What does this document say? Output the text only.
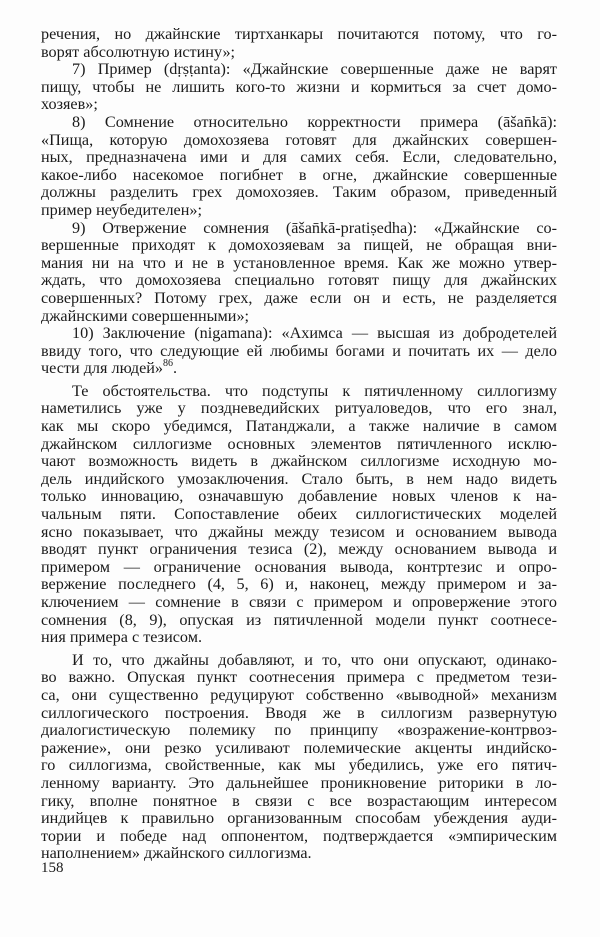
речения, но джайнские тиртханкары почитаются потому, что го-
ворят абсолютную истину»;
7) Пример (dṛṣṭanta): «Джайнские совершенные даже не варят
пищу, чтобы не лишить кого-то жизни и кормиться за счет домо-
хозяев»;
8) Сомнение относительно корректности примера (āšan̄kā):
«Пища, которую домохозяева готовят для джайнских совершен-
ных, предназначена ими и для самих себя. Если, следовательно,
какое-либо насекомое погибнет в огне, джайнские совершенные
должны разделить грех домохозяев. Таким образом, приведенный
пример неубедителен»;
9) Отвержение сомнения (āšan̄kā-pratiṣedha): «Джайнские со-
вершенные приходят к домохозяевам за пищей, не обращая вни-
мания ни на что и не в установленное время. Как же можно утвер-
ждать, что домохозяева специально готовят пищу для джайнских
совершенных? Потому грех, даже если он и есть, не разделяется
джайнскими совершенными»;
10) Заключение (nigamana): «Ахимса — высшая из добродетелей
ввиду того, что следующие ей любимы богами и почитать их — дело
чести для людей»$^{86}$.
Те обстоятельства. что подступы к пятичленному силлогизму
наметились уже у поздневедийских ритуаловедов, что его знал,
как мы скоро убедимся, Патанджали, а также наличие в самом
джайнском силлогизме основных элементов пятичленного исклю-
чают возможность видеть в джайнском силлогизме исходную мо-
дель индийского умозаключения. Стало быть, в нем надо видеть
только инновацию, означавшую добавление новых членов к на-
чальным пяти. Сопоставление обеих силлогистических моделей
ясно показывает, что джайны между тезисом и основанием вывода
вводят пункт ограничения тезиса (2), между основанием вывода и
примером — ограничение основания вывода, контртезис и опро-
вержение последнего (4, 5, 6) и, наконец, между примером и за-
ключением — сомнение в связи с примером и опровержение этого
сомнения (8, 9), опуская из пятичленной модели пункт соотнесе-
ния примера с тезисом.
И то, что джайны добавляют, и то, что они опускают, одинако-
во важно. Опуская пункт соотнесения примера с предметом тези-
са, они существенно редуцируют собственно «выводной» механизм
силлогического построения. Вводя же в силлогизм развернутую
диалогистическую полемику по принципу «возражение-контрвоз-
ражение», они резко усиливают полемические акценты индийско-
го силлогизма, свойственные, как мы убедились, уже его пятич-
ленному варианту. Это дальнейшее проникновение риторики в ло-
гику, вполне понятное в связи с все возрастающим интересом
индийцев к правильно организованным способам убеждения ауди-
тории и победе над оппонентом, подтверждается «эмпирическим
наполнением» джайнского силлогизма.
158
